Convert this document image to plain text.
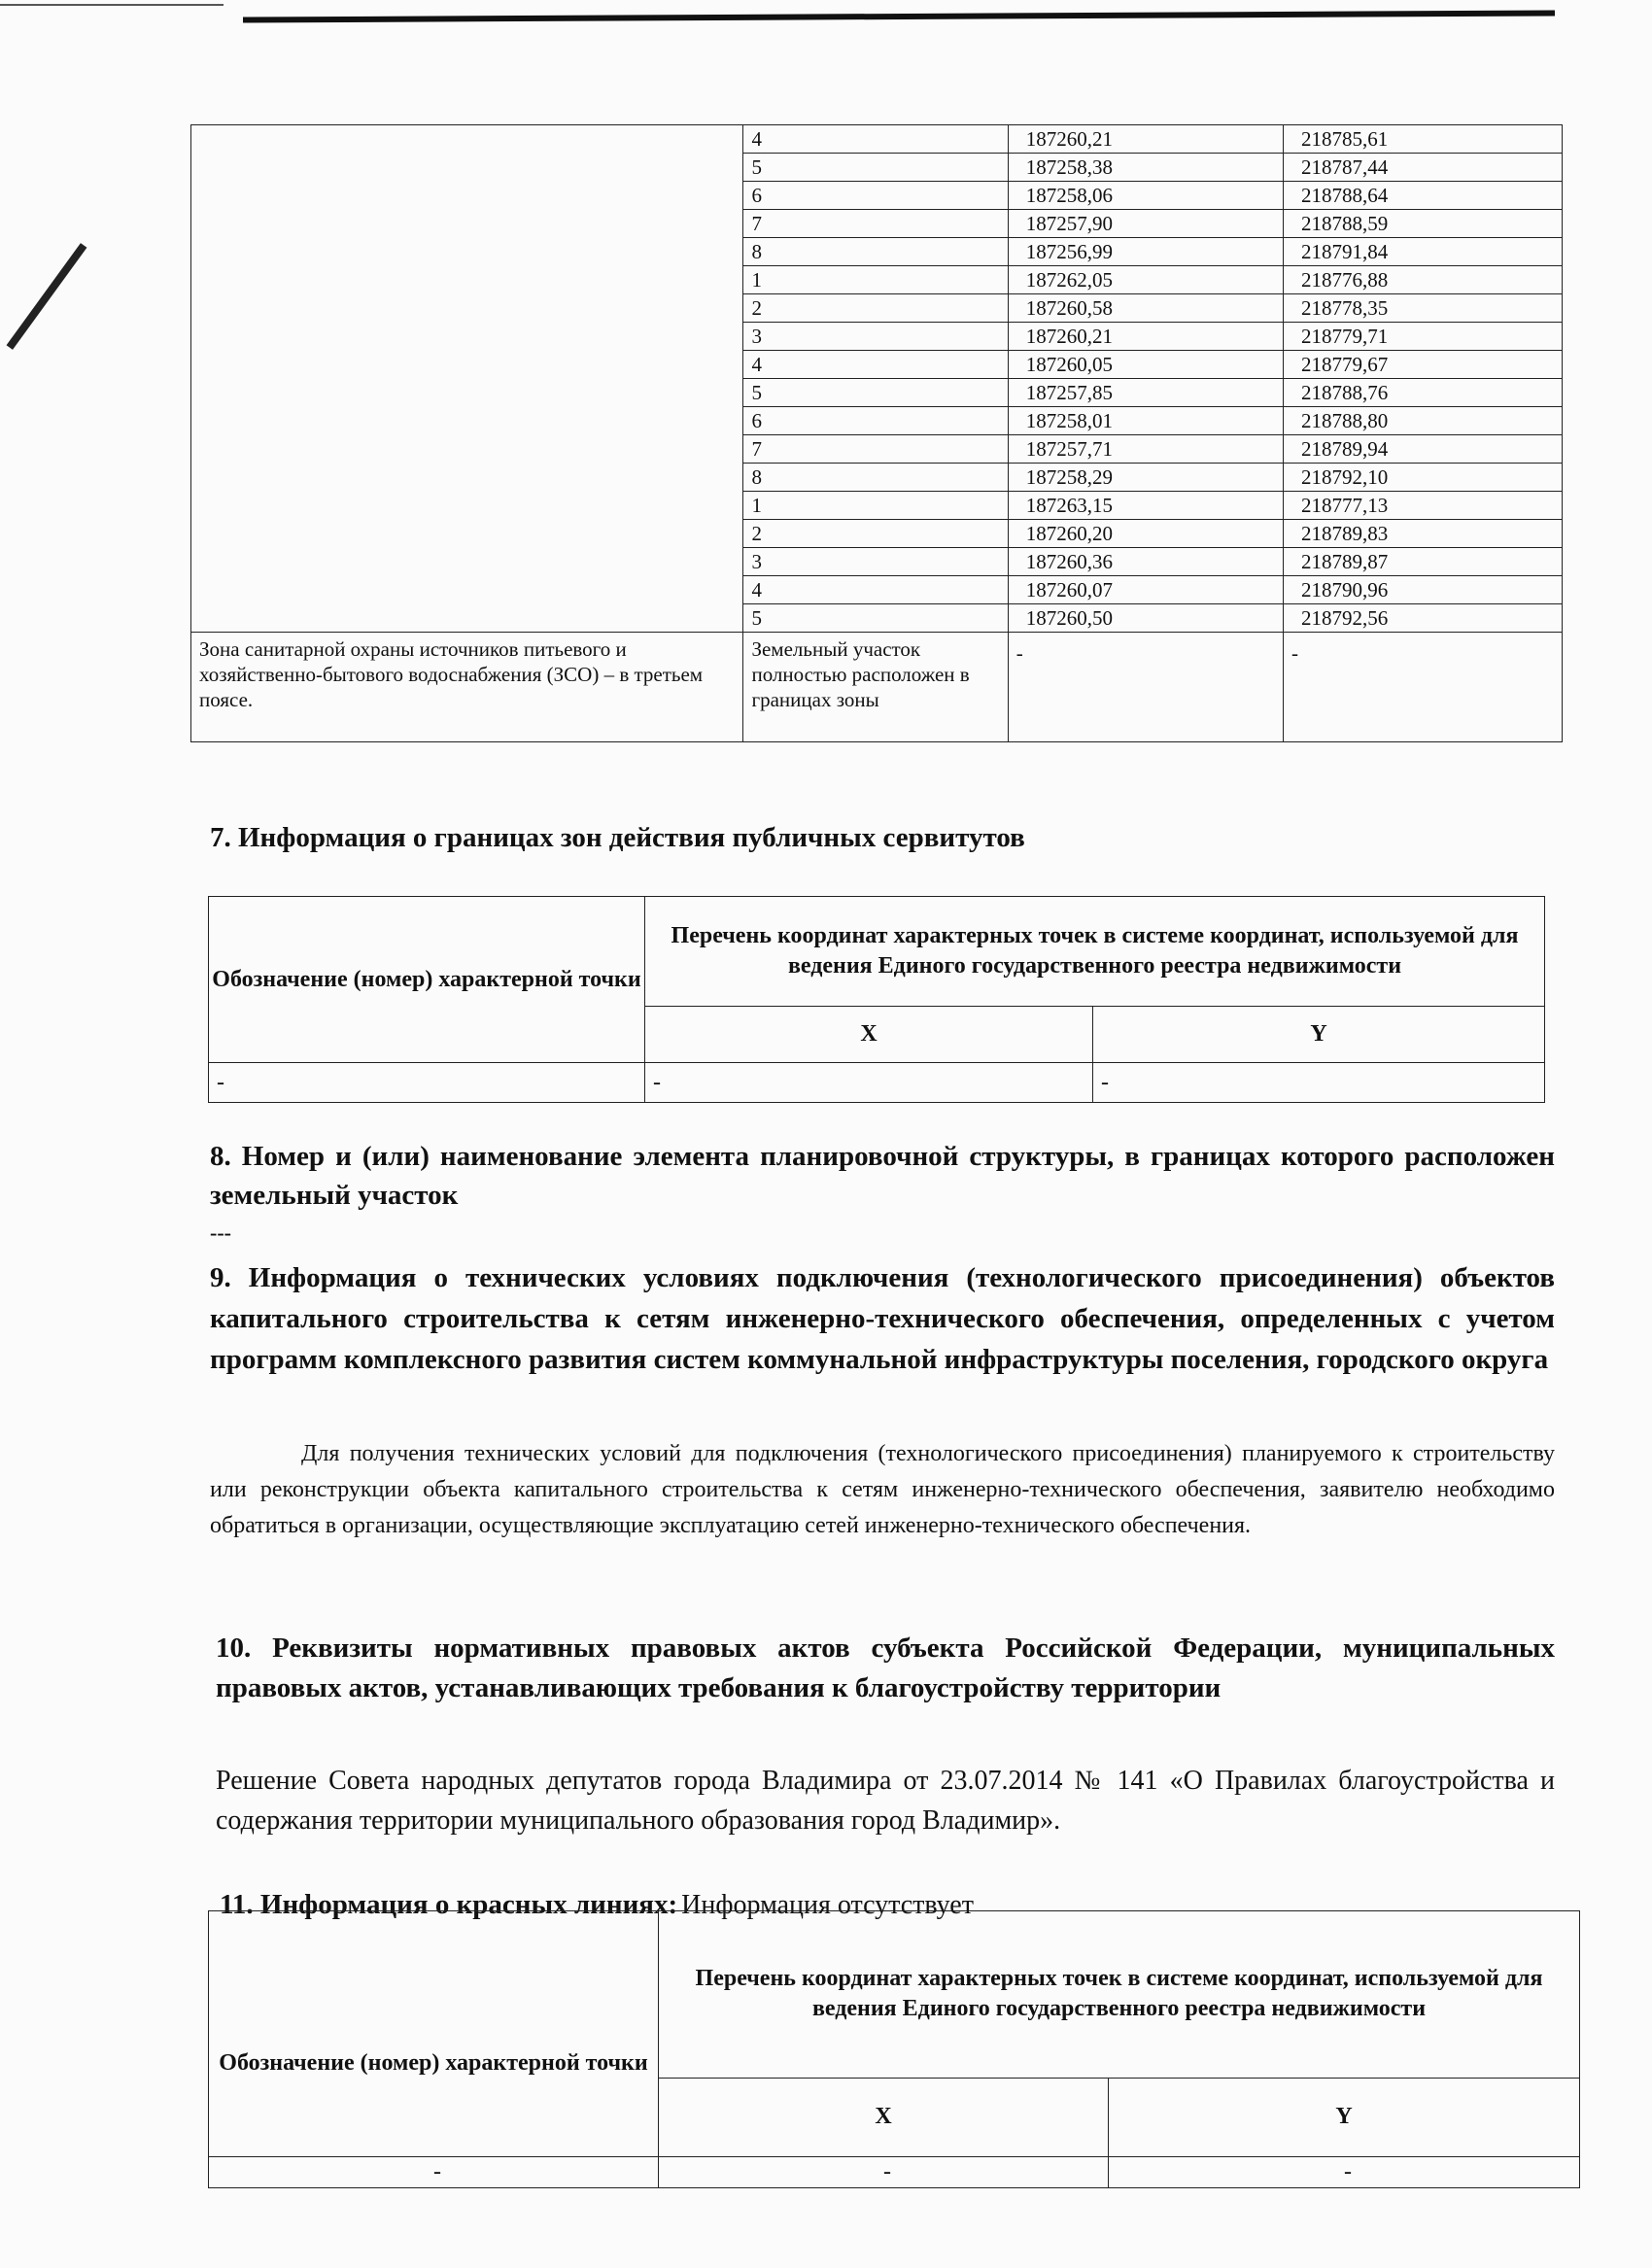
	4	187260,21	218785,61
	5	187258,38	218787,44
	6	187258,06	218788,64
	7	187257,90	218788,59
	8	187256,99	218791,84
	1	187262,05	218776,88
	2	187260,58	218778,35
	3	187260,21	218779,71
	4	187260,05	218779,67
	5	187257,85	218788,76
	6	187258,01	218788,80
	7	187257,71	218789,94
	8	187258,29	218792,10
	1	187263,15	218777,13
	2	187260,20	218789,83
	3	187260,36	218789,87
	4	187260,07	218790,96
	5	187260,50	218792,56
Зона санитарной охраны источников питьевого и хозяйственно-бытового водоснабжения (ЗСО) – в третьем поясе.	Земельный участок полностью расположен в границах зоны	-	-
7. Информация о границах зон действия публичных сервитутов
Обозначение (номер) характерной точки	Перечень координат характерных точек в системе координат, используемой для ведения Единого государственного реестра недвижимости	
	X	Y
-	-	-
8. Номер и (или) наименование элемента планировочной структуры, в границах которого расположен земельный участок
---
9. Информация о технических условиях подключения (технологического присоединения) объектов капитального строительства к сетям инженерно-технического обеспечения, определенных с учетом программ комплексного развития систем коммунальной инфраструктуры поселения, городского округа
Для получения технических условий для подключения (технологического присоединения) планируемого к строительству или реконструкции объекта капитального строительства к сетям инженерно-технического обеспечения, заявителю необходимо обратиться в организации, осуществляющие эксплуатацию сетей инженерно-технического обеспечения.
10. Реквизиты нормативных правовых актов субъекта Российской Федерации, муниципальных правовых актов, устанавливающих требования к благоустройству территории
Решение Совета народных депутатов города Владимира от 23.07.2014 № 141 «О Правилах благоустройства и содержания территории муниципального образования город Владимир».
11. Информация о красных линиях: Информация отсутствует
Обозначение (номер) характерной точки	Перечень координат характерных точек в системе координат, используемой для ведения Единого государственного реестра недвижимости	
	X	Y
-	-	-
